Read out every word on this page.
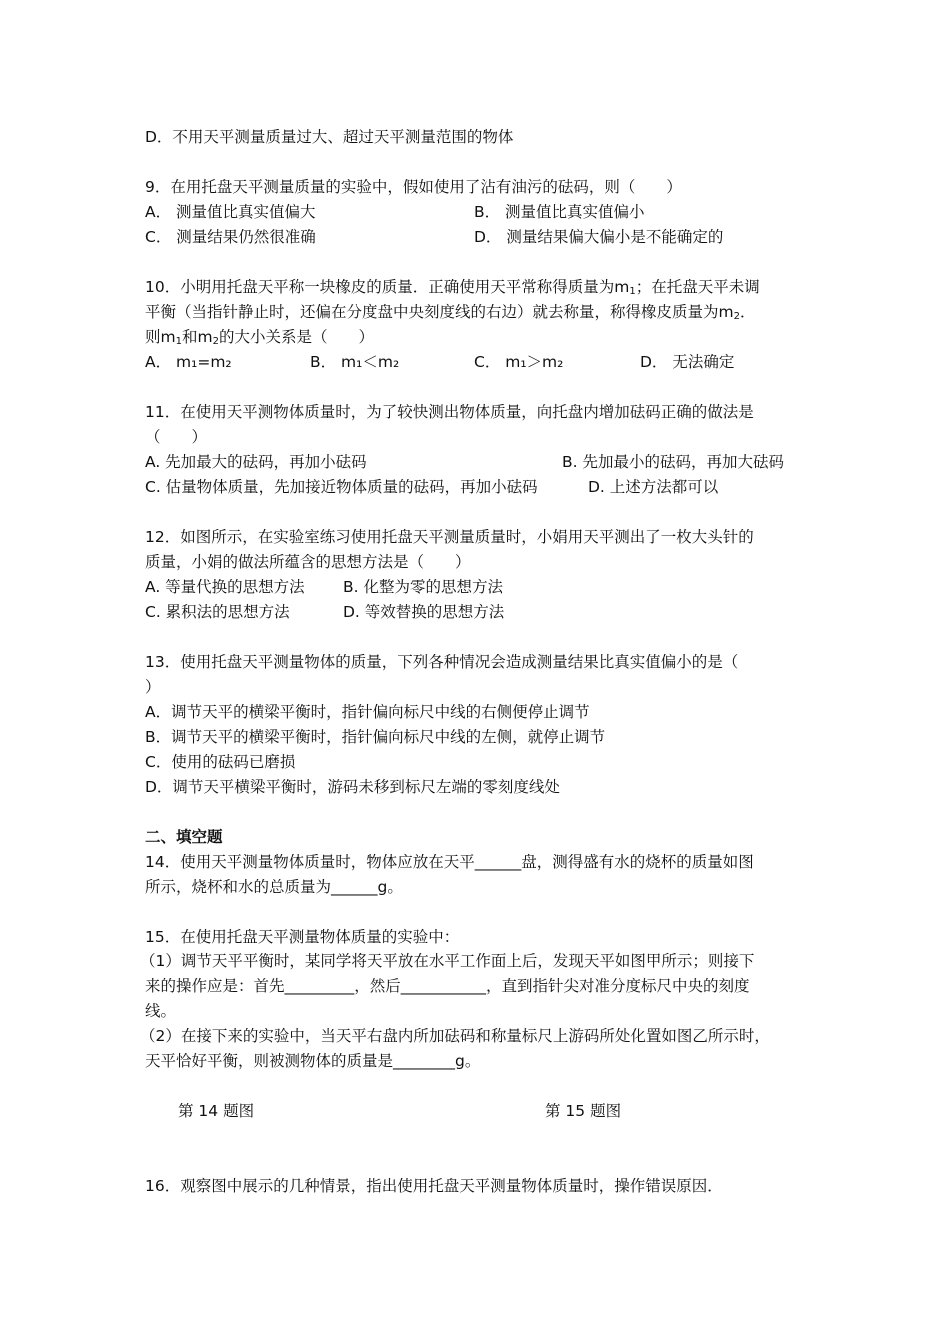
D．不用天平测量质量过大、超过天平测量范围的物体
9．在用托盘天平测量质量的实验中，假如使用了沾有油污的砝码，则（　　）
A． 测量值比真实值偏大	B． 测量值比真实值偏小
C． 测量结果仍然很准确	D． 测量结果偏大偏小是不能确定的
10．小明用托盘天平称一块橡皮的质量．正确使用天平常称得质量为$m_1$；在托盘天平未调
平衡（当指针静止时，还偏在分度盘中央刻度线的右边）就去称量，称得橡皮质量为$m_2$．
则$m_1$和$m_2$的大小关系是（　　）
A． m₁=m₂	B． m₁＜m₂	C． m₁＞m₂	D． 无法确定
11．在使用天平测物体质量时，为了较快测出物体质量，向托盘内增加砝码正确的做法是
（　　）
A. 先加最大的砝码，再加小砝码	B. 先加最小的砝码，再加大砝码
C. 估量物体质量，先加接近物体质量的砝码，再加小砝码	D. 上述方法都可以
12．如图所示，在实验室练习使用托盘天平测量质量时，小娟用天平测出了一枚大头针的
质量，小娟的做法所蕴含的思想方法是（　　）
A. 等量代换的思想方法 B. 化整为零的思想方法
C. 累积法的思想方法	D. 等效替换的思想方法
13．使用托盘天平测量物体的质量，下列各种情况会造成测量结果比真实值偏小的是（
）
A．调节天平的横梁平衡时，指针偏向标尺中线的右侧便停止调节
B．调节天平的横梁平衡时，指针偏向标尺中线的左侧，就停止调节
C．使用的砝码已磨损
D．调节天平横梁平衡时，游码未移到标尺左端的零刻度线处
二、填空题
14．使用天平测量物体质量时，物体应放在天平______盘，测得盛有水的烧杯的质量如图
所示，烧杯和水的总质量为______g。
15．在使用托盘天平测量物体质量的实验中：
（1）调节天平平衡时，某同学将天平放在水平工作面上后，发现天平如图甲所示；则接下
来的操作应是：首先_________，然后___________，直到指针尖对准分度标尺中央的刻度
线。
（2）在接下来的实验中，当天平右盘内所加砝码和称量标尺上游码所处化置如图乙所示时，
天平恰好平衡，则被测物体的质量是________g。
第 14 题图	第 15 题图
16．观察图中展示的几种情景，指出使用托盘天平测量物体质量时，操作错误原因．
